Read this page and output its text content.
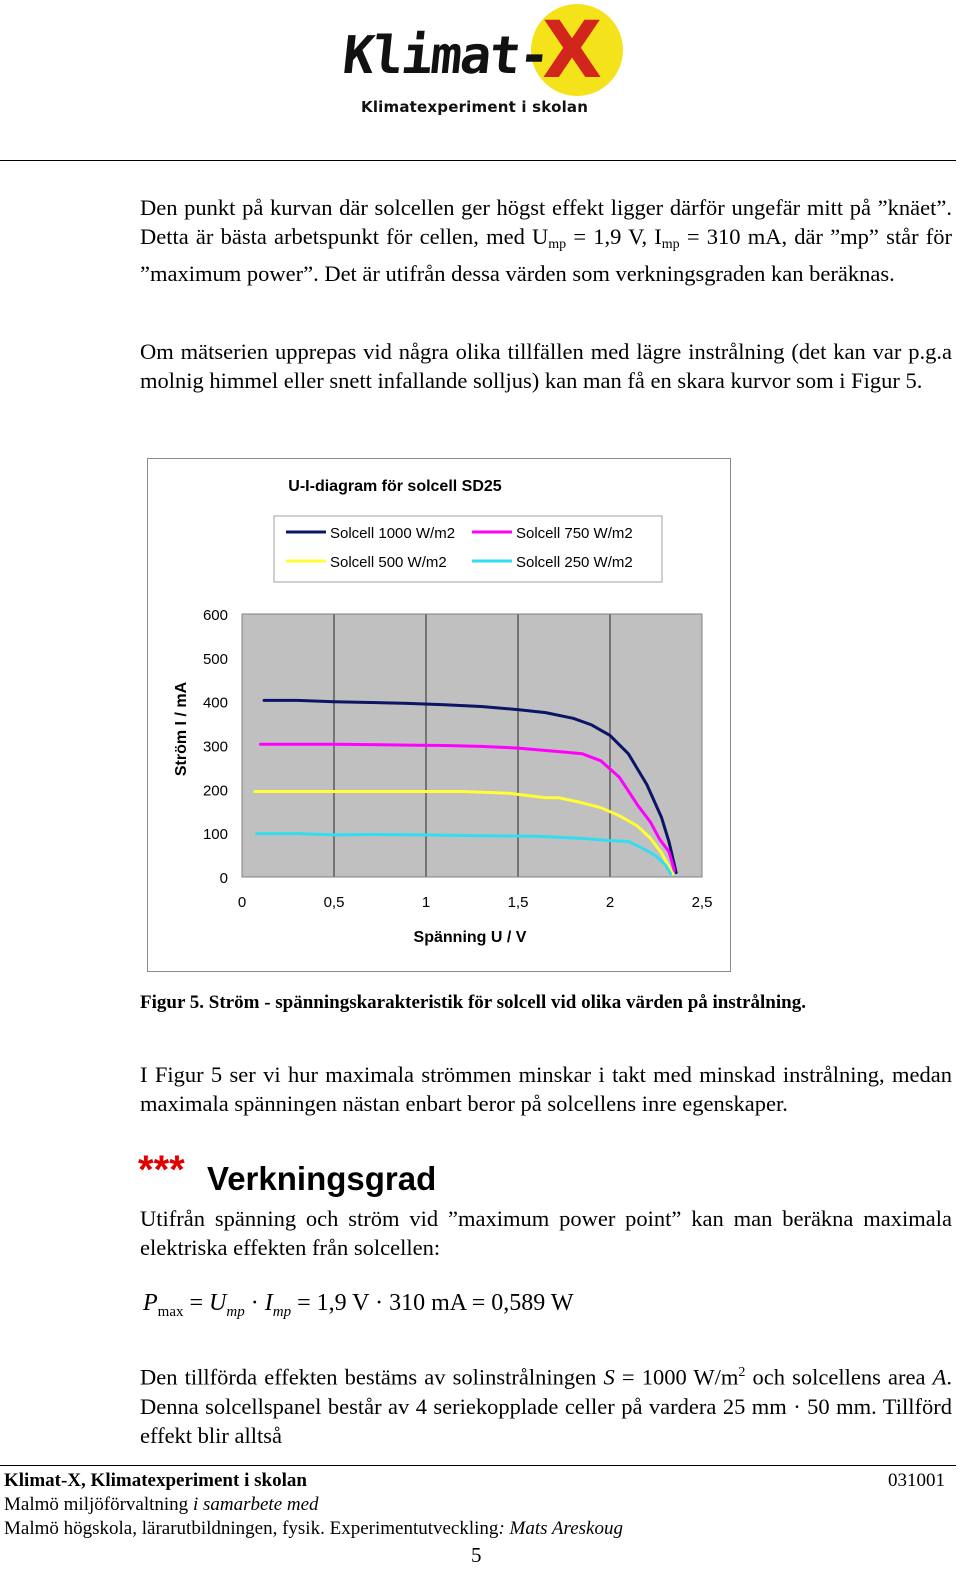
Klimat-
X
Klimatexperiment i skolan
Den punkt på kurvan där solcellen ger högst effekt ligger därför ungefär mitt på ”knäet”. Detta är bästa arbetspunkt för cellen, med $U_{mp} = 1,9$ V, $I_{mp} = 310$ mA, där ”mp” står för ”maximum power”. Det är utifrån dessa värden som verkningsgraden kan beräknas.
Om mätserien upprepas vid några olika tillfällen med lägre instrålning (det kan var p.g.a molnig himmel eller snett infallande solljus) kan man få en skara kurvor som i Figur 5.
U-I-diagram för solcell SD25
Solcell 1000 W/m2	Solcell 750 W/m2
Solcell 500 W/m2	Solcell 250 W/m2
0	0,5	1	1,5	2	2,5
0
100
200
300
400
500
600
Ström I / mA
Spänning U / V
Figur 5. Ström - spänningskarakteristik för solcell vid olika värden på instrålning.
I Figur 5 ser vi hur maximala strömmen minskar i takt med minskad instrålning, medan maximala spänningen nästan enbart beror på solcellens inre egenskaper.
*** Verkningsgrad
Utifrån spänning och ström vid ”maximum power point” kan man beräkna maximala elektriska effekten från solcellen:
$P_{max} = U_{mp} \cdot I_{mp} = 1,9$ V · 310 mA = 0,589 W
Den tillförda effekten bestäms av solinstrålningen S = 1000 $W/m^2$ och solcellens area A. Denna solcellspanel består av 4 seriekopplade celler på vardera 25 mm · 50 mm. Tillförd effekt blir alltså
Klimat-X, Klimatexperiment i skolan	031001
Malmö miljöförvaltning i samarbete med
Malmö högskola, lärarutbildningen, fysik. Experimentutveckling: Mats Areskoug
5
